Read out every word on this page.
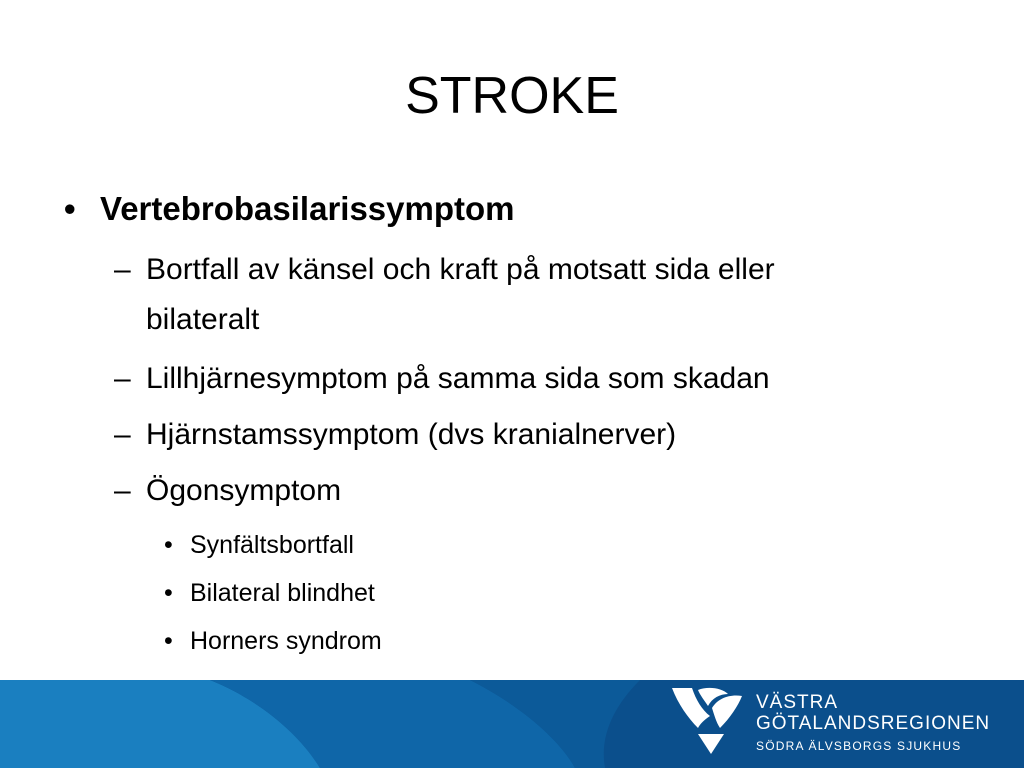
STROKE
• Vertebrobasilarissymptom
– Bortfall av känsel och kraft på motsatt sida eller
bilateralt
– Lillhjärnesymptom på samma sida som skadan
– Hjärnstamssymptom (dvs kranialnerver)
– Ögonsymptom
• Synfältsbortfall
• Bilateral blindhet
• Horners syndrom
VÄSTRA
GÖTALANDSREGIONEN
SÖDRA ÄLVSBORGS SJUKHUS
